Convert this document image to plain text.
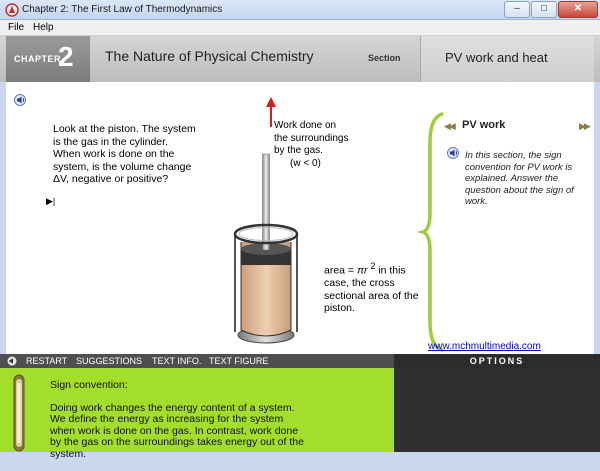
Chapter 2: The First Law of Thermodynamics	–	□	✕
File Help
CHAPTER
2 The Nature of Physical Chemistry	Section	PV work and heat
Look at the piston. The system is the gas in the cylinder. When work is done on the system, is the volume change ΔV, negative or positive?
▶|
Work done on
the surroundings
by the gas.
(w < 0)
area = πr $^2$ in this case, the cross sectional area of the piston.
◀◀ PV work	▶▶
In this section, the sign convention for PV work is explained. Answer the question about the sign of work.
www.mchmultimedia.com
RESTART SUGGESTIONS TEXT INFO. TEXT FIGURE	OPTIONS

Sign convention:

Doing work changes the energy content of a system. We define the energy as increasing for the system when work is done on the gas. In contrast, work done by the gas on the surroundings takes energy out of the system.
